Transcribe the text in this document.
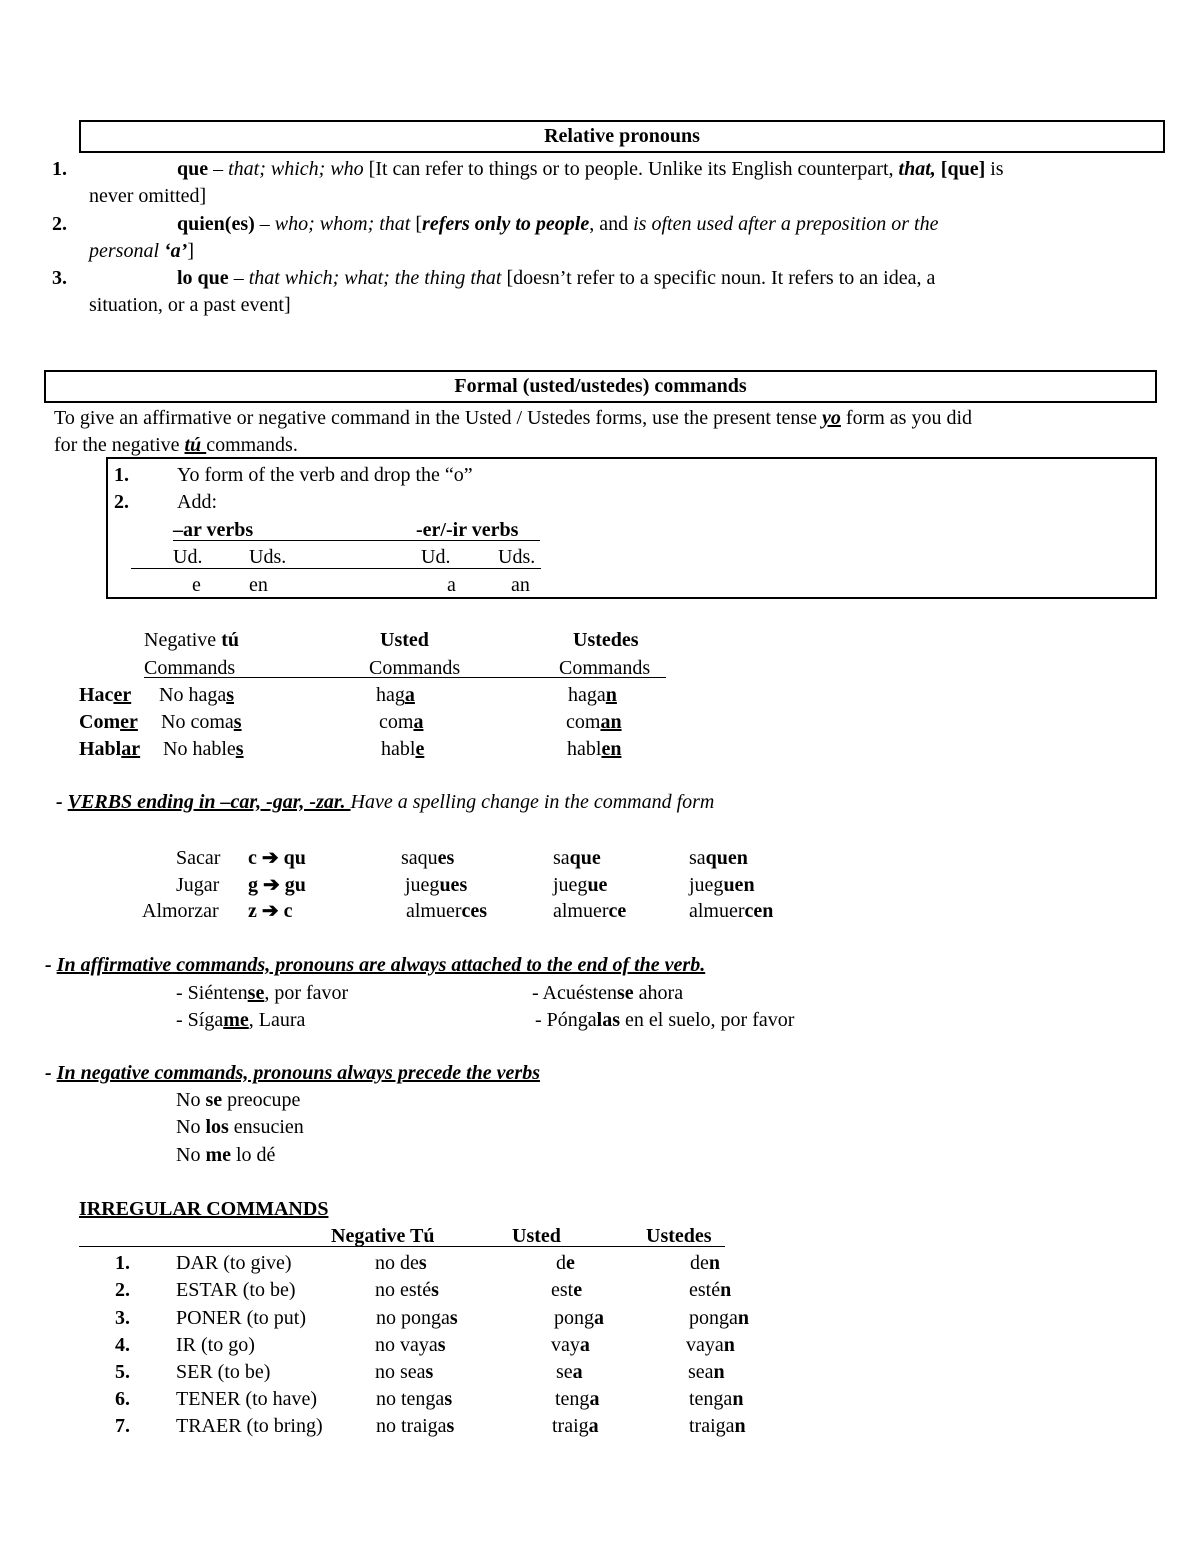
Relative pronouns
1.	que – that; which; who [It can refer to things or to people. Unlike its English counterpart, that, [que] is
never omitted]
2.	quien(es) – who; whom; that [refers only to people, and is often used after a preposition or the
personal ‘a’]
3.	lo que – that which; what; the thing that [doesn’t refer to a specific noun. It refers to an idea, a
situation, or a past event]
Formal (usted/ustedes) commands
To give an affirmative or negative command in the Usted / Ustedes forms, use the present tense yo form as you did
for the negative tú commands.
1. Yo form of the verb and drop the “o”
2. Add:
–ar verbs	-er/-ir verbs
Ud. Uds.	Ud. Uds.
e en	a	an
Negative tú	Usted	Ustedes
Commands	Commands	Commands
Hacer No hagas	haga	hagan
Comer No comas	coma	coman
Hablar No hables	hable	hablen
- VERBS ending in –car, -gar, -zar. Have a spelling change in the command form
Sacar c ➔ qu	saques	saque	saquen
Jugar g ➔ gu	juegues	juegue	jueguen
Almorzar z ➔ c	almuerces	almuerce	almuercen
- In affirmative commands, pronouns are always attached to the end of the verb.
- Siéntense, por favor	- Acuéstense ahora
- Sígame, Laura	- Póngalas en el suelo, por favor
- In negative commands, pronouns always precede the verbs
No se preocupe
No los ensucien
No me lo dé
IRREGULAR COMMANDS
Negative Tú	Usted	Ustedes
1. DAR (to give)	no des	de	den
2. ESTAR (to be)	no estés	este	estén
3. PONER (to put)	no pongas	ponga	pongan
4. IR (to go)	no vayas	vaya	vayan
5. SER (to be)	no seas	sea	sean
6. TENER (to have)	no tengas	tenga	tengan
7. TRAER (to bring)	no traigas	traiga	traigan
